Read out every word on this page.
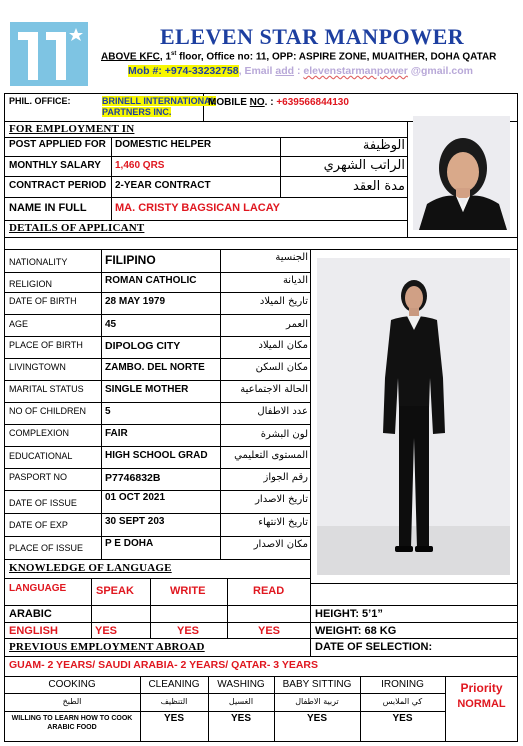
ELEVEN STAR MANPOWER
ABOVE KFC, 1st floor, Office no: 11, OPP: ASPIRE ZONE, MUAITHER, DOHA QATAR
Mob #: +974-33232758, Email add : elevenstarmanpower @gmail.com
PHIL. OFFICE:	BRINELL INTERNATIONAL
PARTNERS INC.
MOBILE NO. : +639566844130
FOR EMPLOYMENT IN
POST APPLIED FOR DOMESTIC HELPER	الوظيفة
MONTHLY SALARY 1,460 QRS	الراتب الشهري
CONTRACT PERIOD 2-YEAR CONTRACT	مدة العقد
NAME IN FULL	MA. CRISTY BAGSICAN LACAY
DETAILS OF APPLICANT
NATIONALITY	FILIPINO	الجنسية
RELIGION	ROMAN CATHOLIC	الديانة
DATE OF BIRTH	28 MAY 1979	تاريخ الميلاد
AGE	45	العمر
PLACE OF BIRTH DIPOLOG CITY	مكان الميلاد
LIVINGTOWN	ZAMBO. DEL NORTE	مكان السكن
MARITAL STATUS SINGLE MOTHER	الحالة الاجتماعية
NO OF CHILDREN 5	عدد الاطفال
COMPLEXION	FAIR	لون البشرة
EDUCATIONAL	HIGH SCHOOL GRAD	المستوى التعليمي
PASPORT NO	P7746832B	رقم الجواز
DATE OF ISSUE	01 OCT 2021	تاريخ الاصدار
DATE OF EXP	30 SEPT 203	تاريخ الانتهاء
PLACE OF ISSUE P E DOHA	مكان الاصدار
KNOWLEDGE OF LANGUAGE
LANGUAGE	SPEAK	WRITE	READ
ARABIC
ENGLISH	YES	YES	YES
HEIGHT: 5’1”
WEIGHT: 68 KG
PREVIOUS EMPLOYMENT ABROAD	DATE OF SELECTION:
GUAM- 2 YEARS/ SAUDI ARABIA- 2 YEARS/ QATAR- 3 YEARS
COOKING	CLEANING	WASHING	BABY SITTING	IRONING
الطبخ	التنظيف	الغسيل	تربية الاطفال	كي الملابس
WILLING TO LEARN HOW TO COOK ARABIC FOOD
YES	YES	YES	YES
Priority
NORMAL
